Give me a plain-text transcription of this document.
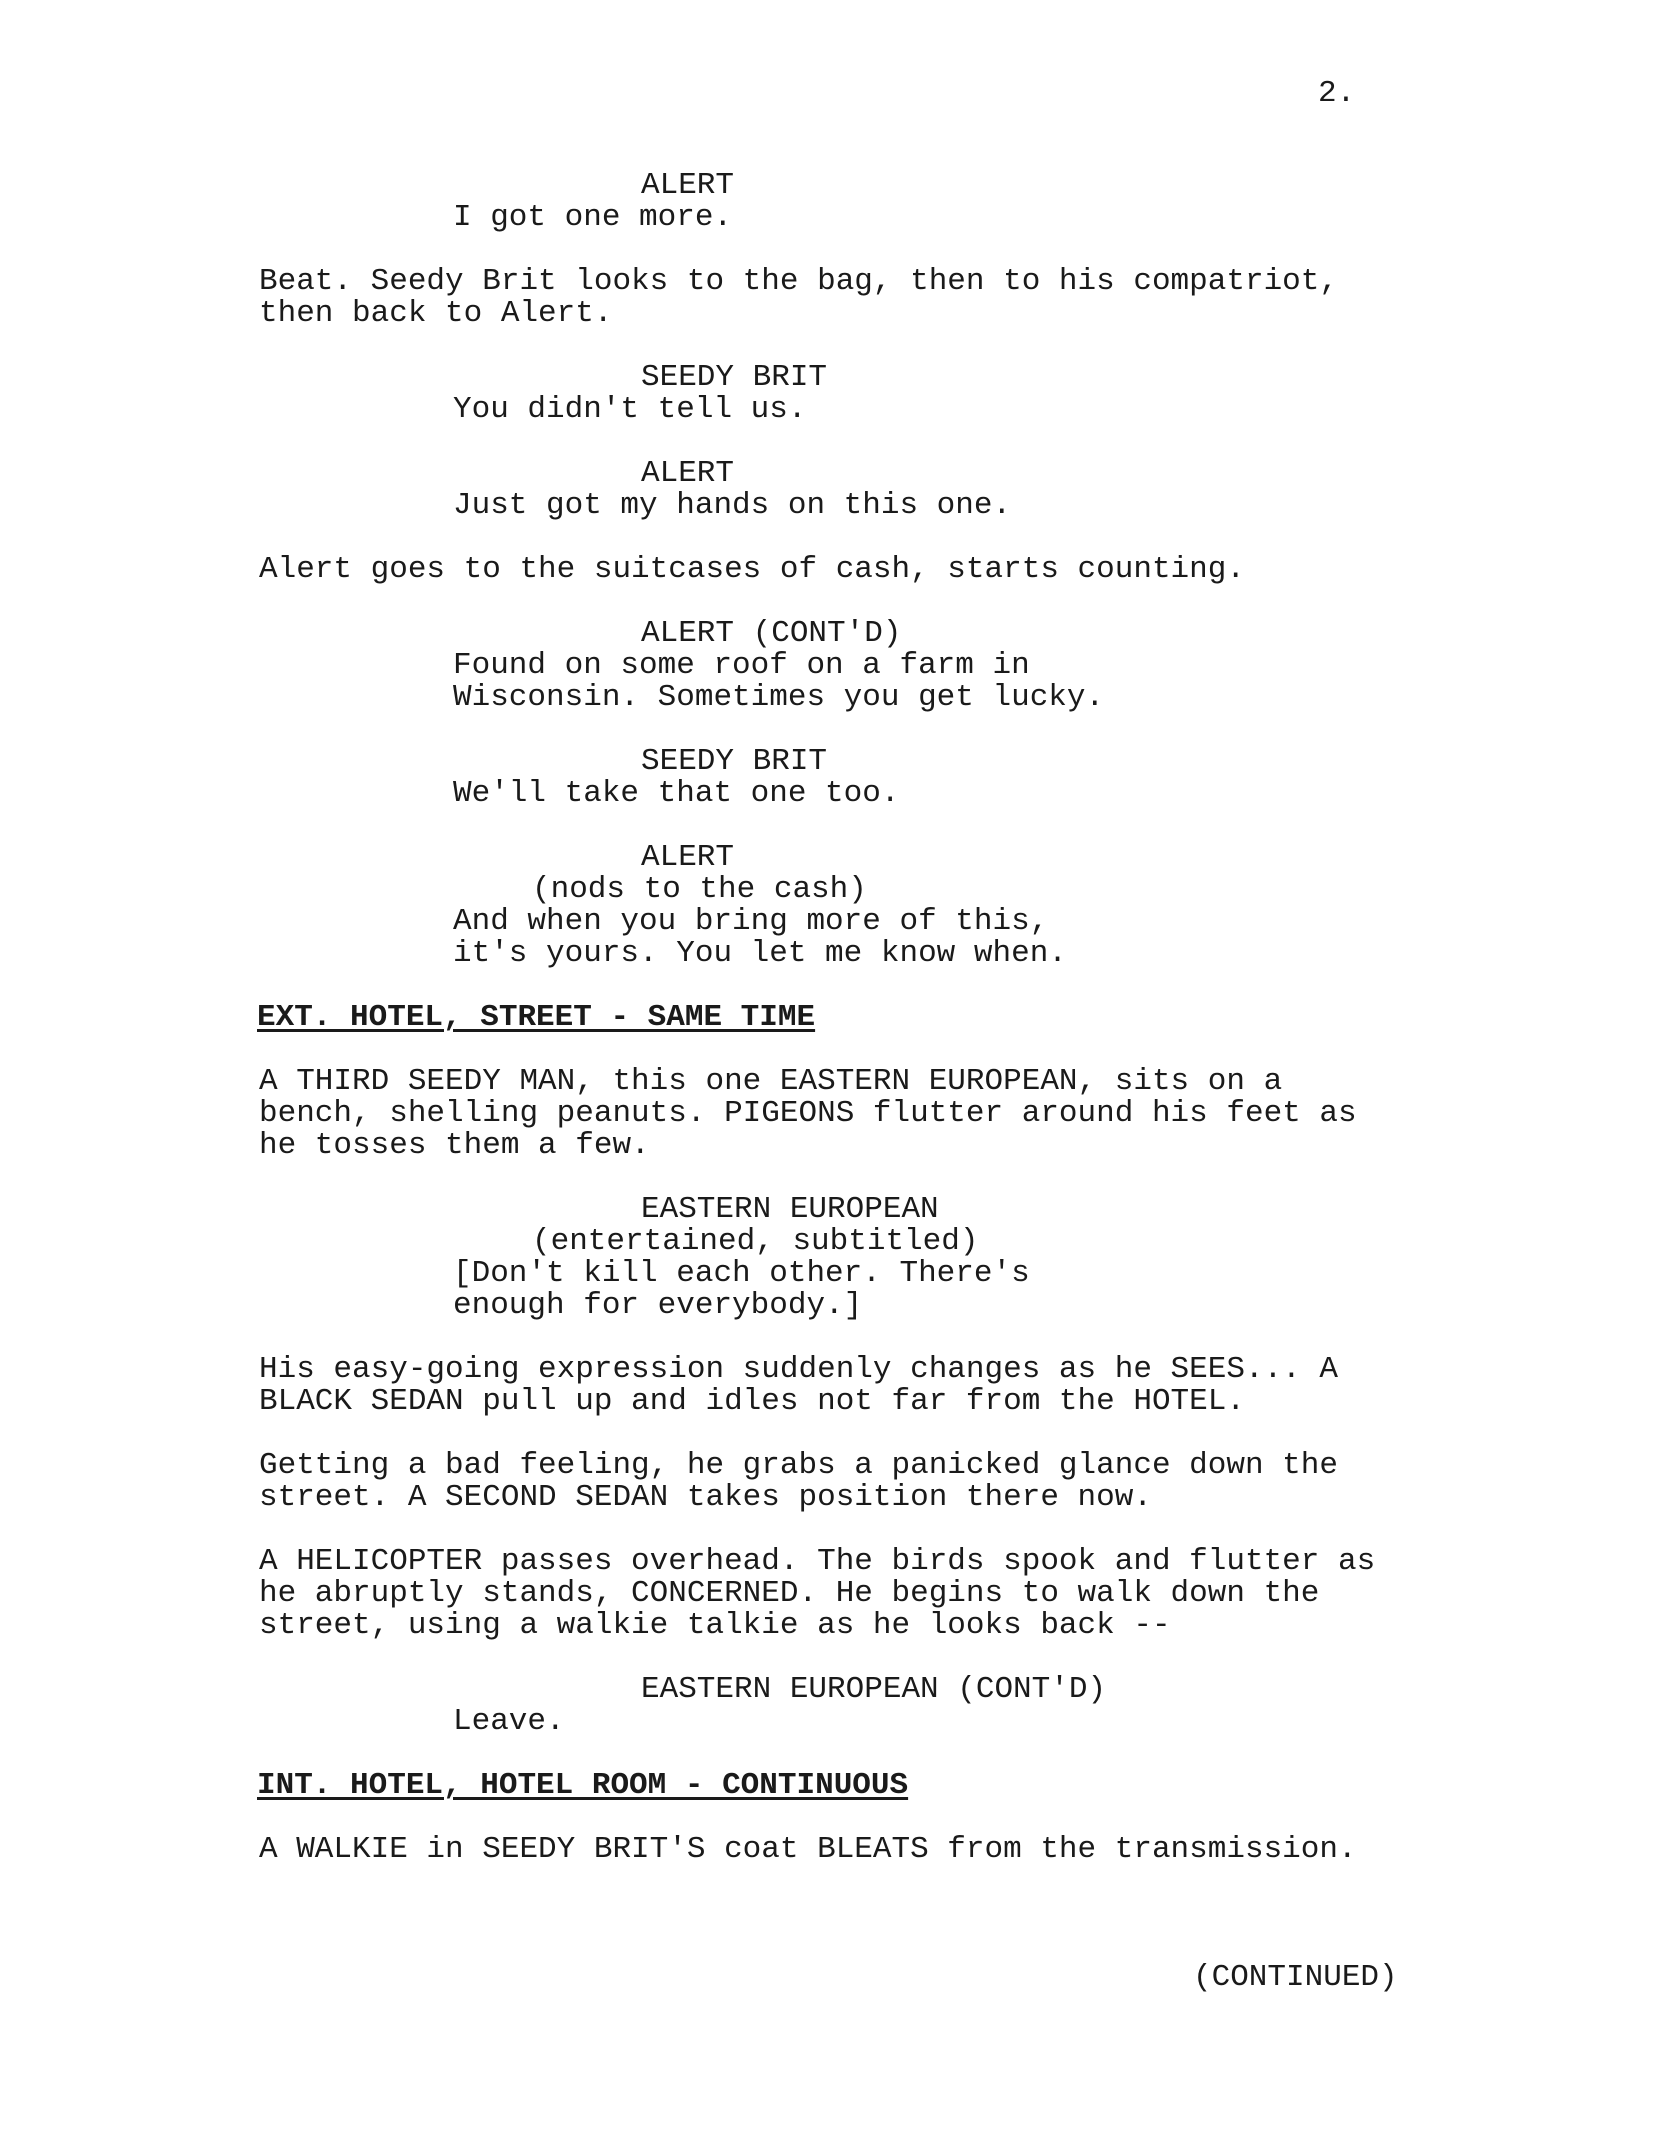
2.
ALERT
I got one more.
Beat. Seedy Brit looks to the bag, then to his compatriot,
then back to Alert.
SEEDY BRIT
You didn't tell us.
ALERT
Just got my hands on this one.
Alert goes to the suitcases of cash, starts counting.
ALERT (CONT'D)
Found on some roof on a farm in
Wisconsin. Sometimes you get lucky.
SEEDY BRIT
We'll take that one too.
ALERT
(nods to the cash)
And when you bring more of this,
it's yours. You let me know when.
EXT. HOTEL, STREET - SAME TIME
A THIRD SEEDY MAN, this one EASTERN EUROPEAN, sits on a
bench, shelling peanuts. PIGEONS flutter around his feet as
he tosses them a few.
EASTERN EUROPEAN
(entertained, subtitled)
[Don't kill each other. There's
enough for everybody.]
His easy-going expression suddenly changes as he SEES... A
BLACK SEDAN pull up and idles not far from the HOTEL.
Getting a bad feeling, he grabs a panicked glance down the
street. A SECOND SEDAN takes position there now.
A HELICOPTER passes overhead. The birds spook and flutter as
he abruptly stands, CONCERNED. He begins to walk down the
street, using a walkie talkie as he looks back --
EASTERN EUROPEAN (CONT'D)
Leave.
INT. HOTEL, HOTEL ROOM - CONTINUOUS
A WALKIE in SEEDY BRIT'S coat BLEATS from the transmission.
(CONTINUED)
